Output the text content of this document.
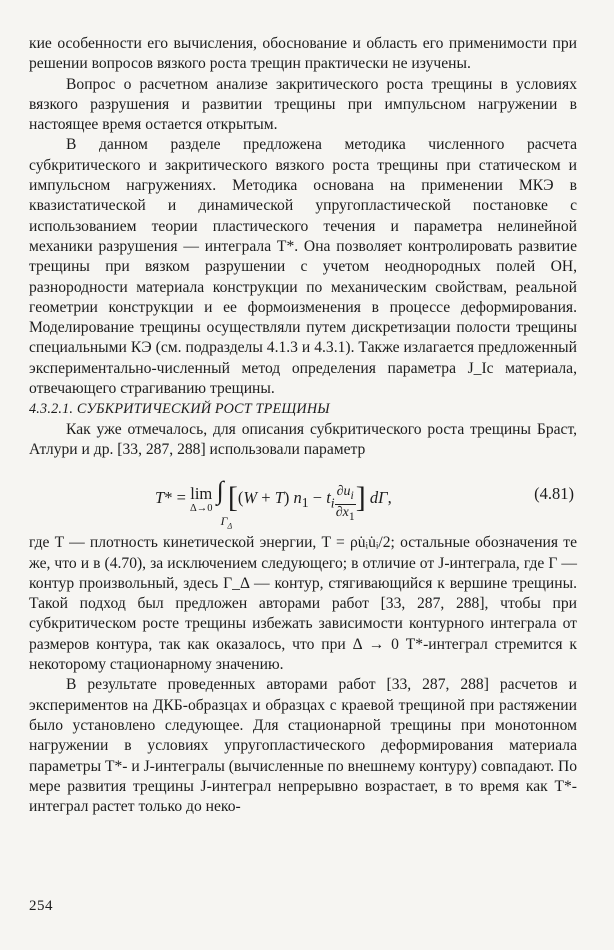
кие особенности его вычисления, обоснование и область его применимости при решении вопросов вязкого роста трещин практически не изучены.

Вопрос о расчетном анализе закритического роста трещины в условиях вязкого разрушения и развитии трещины при импульсном нагружении в настоящее время остается открытым.

В данном разделе предложена методика численного расчета субкритического и закритического вязкого роста трещины при статическом и импульсном нагружениях. Методика основана на применении МКЭ в квазистатической и динамической упругопластической постановке с использованием теории пластического течения и параметра нелинейной механики разрушения — интеграла T*. Она позволяет контролировать развитие трещины при вязком разрушении с учетом неоднородных полей ОН, разнородности материала конструкции по механическим свойствам, реальной геометрии конструкции и ее формоизменения в процессе деформирования. Моделирование трещины осуществляли путем дискретизации полости трещины специальными КЭ (см. подразделы 4.1.3 и 4.3.1). Также излагается предложенный экспериментально-численный метод определения параметра J_Ic материала, отвечающего страгиванию трещины.

4.3.2.1. СУБКРИТИЧЕСКИЙ РОСТ ТРЕЩИНЫ

Как уже отмечалось, для описания субкритического роста трещины Браст, Атлури и др. [33, 287, 288] использовали параметр

T* = lim
Δ→0
∫
$\Gamma_\Delta$
[(W + T) $n_1 - t_i \frac{\partial u_i}{\partial x_1}$ ] dΓ,	(4.81)

где T — плотность кинетической энергии, T = ρu̇ᵢu̇ᵢ/2; остальные обозначения те же, что и в (4.70), за исключением следующего; в отличие от J-интеграла, где Γ — контур произвольный, здесь Γ_Δ — контур, стягивающийся к вершине трещины. Такой подход был предложен авторами работ [33, 287, 288], чтобы при субкритическом росте трещины избежать зависимости контурного интеграла от размеров контура, так как оказалось, что при Δ → 0 T*-интеграл стремится к некоторому стационарному значению.

В результате проведенных авторами работ [33, 287, 288] расчетов и экспериментов на ДКБ-образцах и образцах с краевой трещиной при растяжении было установлено следующее. Для стационарной трещины при монотонном нагружении в условиях упругопластического деформирования материала параметры T*- и J-интегралы (вычисленные по внешнему контуру) совпадают. По мере развития трещины J-интеграл непрерывно возрастает, в то время как T*-интеграл растет только до неко-

254
